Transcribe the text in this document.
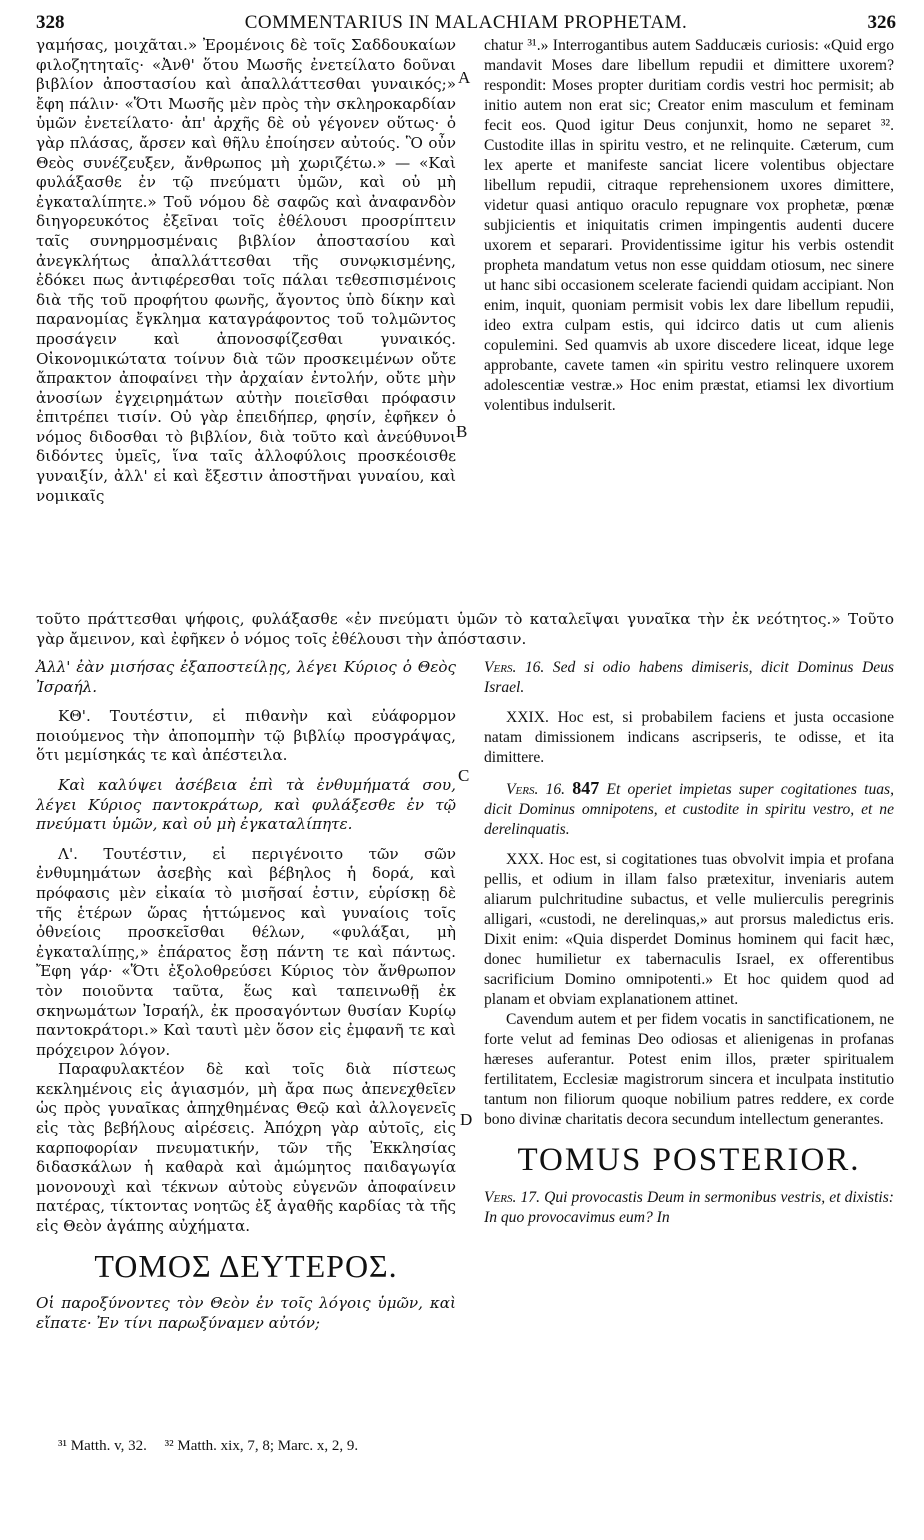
328	COMMENTARIUS IN MALACHIAM PROPHETAM.	326

γαμήσας, μοιχᾶται.» Ἐρομένοις δὲ τοῖς Σαδδουκαίων φιλοζητηταῖς· «Ἀνθ' ὅτου Μωσῆς ἐνετείλατο δοῦναι βιβλίον ἀποστασίου καὶ ἀπαλλάττεσθαι γυναικός;» ἔφη πάλιν· «Ὅτι Μωσῆς μὲν πρὸς τὴν σκληροκαρδίαν ὑμῶν ἐνετείλατο· ἀπ' ἀρχῆς δὲ οὐ γέγονεν οὕτως· ὁ γὰρ πλάσας, ἄρσεν καὶ θῆλυ ἐποίησεν αὐτούς. Ὃ οὖν Θεὸς συνέζευξεν, ἄνθρωπος μὴ χωριζέτω.» — «Καὶ φυλάξασθε ἐν τῷ πνεύματι ὑμῶν, καὶ οὐ μὴ ἐγκαταλίπητε.» Τοῦ νόμου δὲ σαφῶς καὶ ἀναφανδὸν διηγορευκότος ἐξεῖναι τοῖς ἐθέλουσι προσρίπτειν ταῖς συνηρμοσμέναις βιβλίον ἀποστασίου καὶ ἀνεγκλήτως ἀπαλλάττεσθαι τῆς συνῳκισμένης, ἐδόκει πως ἀντιφέρεσθαι τοῖς πάλαι τεθεσπισμένοις διὰ τῆς τοῦ προφήτου φωνῆς, ἄγοντος ὑπὸ δίκην καὶ παρανομίας ἔγκλημα καταγράφοντος τοῦ τολμῶντος προσάγειν καὶ ἀπονοσφίζεσθαι γυναικός. Οἰκονομικώτατα τοίνυν διὰ τῶν προσκειμένων οὔτε ἄπρακτον ἀποφαίνει τὴν ἀρχαίαν ἐντολήν, οὔτε μὴν ἀνοσίων ἐγχειρημάτων αὐτὴν ποιεῖσθαι πρόφασιν ἐπιτρέπει τισίν. Οὐ γὰρ ἐπειδήπερ, φησίν, ἐφῆκεν ὁ νόμος διδοσθαι τὸ βιβλίον, διὰ τοῦτο καὶ ἀνεύθυνοι διδόντες ὑμεῖς, ἵνα ταῖς ἀλλοφύλοις προσκέοισθε γυναιξίν, ἀλλ' εἰ καὶ ἔξεστιν ἀποστῆναι γυναίου, καὶ νομικαῖς

chatur ³¹.» Interrogantibus autem Sadducæis curiosis: «Quid ergo mandavit Moses dare libellum repudii et dimittere uxorem? respondit: Moses propter duritiam cordis vestri hoc permisit; ab initio autem non erat sic; Creator enim masculum et feminam fecit eos. Quod igitur Deus conjunxit, homo ne separet ³². Custodite illas in spiritu vestro, et ne relinquite. Cæterum, cum lex aperte et manifeste sanciat licere volentibus objectare libellum repudii, citraque reprehensionem uxores dimittere, videtur quasi antiquo oraculo repugnare vox prophetæ, pœnæ subjicientis et iniquitatis crimen impingentis audenti ducere uxorem et separari. Providentissime igitur his verbis ostendit propheta mandatum vetus non esse quiddam otiosum, nec sinere ut hanc sibi occasionem scelerate faciendi quidam accipiant. Non enim, inquit, quoniam permisit vobis lex dare libellum repudii, ideo extra culpam estis, qui idcirco datis ut cum alienis copulemini. Sed quamvis ab uxore discedere liceat, idque lege approbante, cavete tamen «in spiritu vestro relinquere uxorem adolescentiæ vestræ.» Hoc enim præstat, etiamsi lex divortium volentibus indulserit.

τοῦτο πράττεσθαι ψήφοις, φυλάξασθε «ἐν πνεύματι ὑμῶν τὸ καταλεῖψαι γυναῖκα τὴν ἐκ νεότητος.» Τοῦτο γὰρ ἄμεινον, καὶ ἐφῆκεν ὁ νόμος τοῖς ἐθέλουσι τὴν ἀπόστασιν.

Ἀλλ' ἐὰν μισήσας ἐξαποστείλῃς, λέγει Κύριος ὁ Θεὸς Ἰσραήλ.

ΚΘ'. Τουτέστιν, εἰ πιθανὴν καὶ εὐάφορμον ποιούμενος τὴν ἀποπομπὴν τῷ βιβλίῳ προσγράψας, ὅτι μεμίσηκάς τε καὶ ἀπέστειλα.

Καὶ καλύψει ἀσέβεια ἐπὶ τὰ ἐνθυμήματά σου, λέγει Κύριος παντοκράτωρ, καὶ φυλάξεσθε ἐν τῷ πνεύματι ὑμῶν, καὶ οὐ μὴ ἐγκαταλίπητε.

Λ'. Τουτέστιν, εἰ περιγένοιτο τῶν σῶν ἐνθυμημάτων ἀσεβὴς καὶ βέβηλος ἡ δορά, καὶ πρόφασις μὲν εἰκαία τὸ μισῆσαί ἐστιν, εὑρίσκῃ δὲ τῆς ἑτέρων ὥρας ἡττώμενος καὶ γυναίοις τοῖς ὀθνείοις προσκεῖσθαι θέλων, «φυλάξαι, μὴ ἐγκαταλίπῃς,» ἐπάρατος ἔσῃ πάντη τε καὶ πάντως. Ἔφη γάρ· «Ὅτι ἐξολοθρεύσει Κύριος τὸν ἄνθρωπον τὸν ποιοῦντα ταῦτα, ἕως καὶ ταπεινωθῇ ἐκ σκηνωμάτων Ἰσραήλ, ἐκ προσαγόντων θυσίαν Κυρίῳ παντοκράτορι.» Καὶ ταυτὶ μὲν ὅσον εἰς ἐμφανῆ τε καὶ πρόχειρον λόγον.

Παραφυλακτέον δὲ καὶ τοῖς διὰ πίστεως κεκλημένοις εἰς ἁγιασμόν, μὴ ἄρα πως ἀπενεχθεῖεν ὡς πρὸς γυναῖκας ἀπηχθημένας Θεῷ καὶ ἀλλογενεῖς εἰς τὰς βεβήλους αἱρέσεις. Ἀπόχρη γὰρ αὐτοῖς, εἰς καρποφορίαν πνευματικήν, τῶν τῆς Ἐκκλησίας διδασκάλων ἡ καθαρὰ καὶ ἀμώμητος παιδαγωγία μονονουχὶ καὶ τέκνων αὐτοὺς εὐγενῶν ἀποφαίνειν πατέρας, τίκτοντας νοητῶς ἐξ ἀγαθῆς καρδίας τὰ τῆς εἰς Θεὸν ἀγάπης αὐχήματα.

ΤΟΜΟΣ ΔΕΥΤΕΡΟΣ.

Οἱ παροξύνοντες τὸν Θεὸν ἐν τοῖς λόγοις ὑμῶν, καὶ εἴπατε· Ἐν τίνι παρωξύναμεν αὐτόν;

Vers. 16. Sed si odio habens dimiseris, dicit Dominus Deus Israel.

XXIX. Hoc est, si probabilem faciens et justa occasione natam dimissionem indicans ascripseris, te odisse, et ita dimittere.

Vers. 16. 847 Et operiet impietas super cogitationes tuas, dicit Dominus omnipotens, et custodite in spiritu vestro, et ne derelinquatis.

XXX. Hoc est, si cogitationes tuas obvolvit impia et profana pellis, et odium in illam falso prætexitur, inveniaris autem aliarum pulchritudine subactus, et velle mulierculis peregrinis alligari, «custodi, ne derelinquas,» aut prorsus maledictus eris. Dixit enim: «Quia disperdet Dominus hominem qui facit hæc, donec humilietur ex tabernaculis Israel, ex offerentibus sacrificium Domino omnipotenti.» Et hoc quidem quod ad planam et obviam explanationem attinet.

Cavendum autem et per fidem vocatis in sanctificationem, ne forte velut ad feminas Deo odiosas et alienigenas in profanas hæreses auferantur. Potest enim illos, præter spiritualem fertilitatem, Ecclesiæ magistrorum sincera et inculpata institutio tantum non filiorum quoque nobilium patres reddere, ex corde bono divinæ charitatis decora secundum intellectum generantes.

TOMUS POSTERIOR.

Vers. 17. Qui provocastis Deum in sermonibus vestris, et dixistis: In quo provocavimus eum? In

A
B
C
D
³¹ Matth. v, 32. ³² Matth. xix, 7, 8; Marc. x, 2, 9.
